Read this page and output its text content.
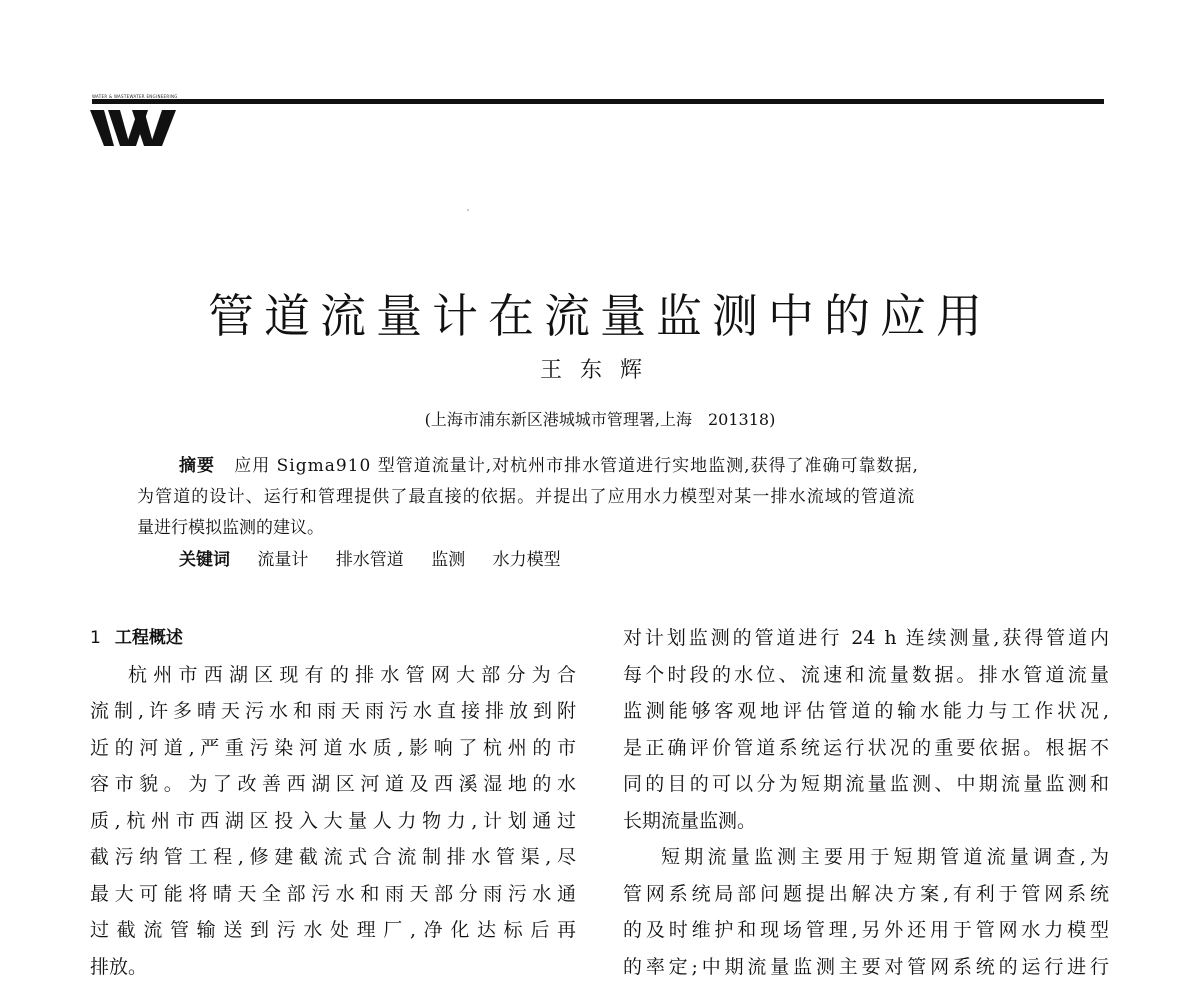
WATER & WASTEWATER ENGINEERING
管道流量计在流量监测中的应用
王东辉
(上海市浦东新区港城城市管理署,上海　201318)
摘要 应用 Sigma910 型管道流量计,对杭州市排水管道进行实地监测,获得了准确可靠数据,
为管道的设计、运行和管理提供了最直接的依据。并提出了应用水力模型对某一排水流域的管道流
量进行模拟监测的建议。
关键词 流量计 排水管道 监测 水力模型
1 工程概述
杭州市西湖区现有的排水管网大部分为合
流制,许多晴天污水和雨天雨污水直接排放到附
近的河道,严重污染河道水质,影响了杭州的市
容市貌。为了改善西湖区河道及西溪湿地的水
质,杭州市西湖区投入大量人力物力,计划通过
截污纳管工程,修建截流式合流制排水管渠,尽
最大可能将晴天全部污水和雨天部分雨污水通
过截流管输送到污水处理厂,净化达标后再
排放。
对计划监测的管道进行 24 h 连续测量,获得管道内
每个时段的水位、流速和流量数据。排水管道流量
监测能够客观地评估管道的输水能力与工作状况,
是正确评价管道系统运行状况的重要依据。根据不
同的目的可以分为短期流量监测、中期流量监测和
长期流量监测。
短期流量监测主要用于短期管道流量调查,为
管网系统局部问题提出解决方案,有利于管网系统
的及时维护和现场管理,另外还用于管网水力模型
的率定;中期流量监测主要对管网系统的运行进行
